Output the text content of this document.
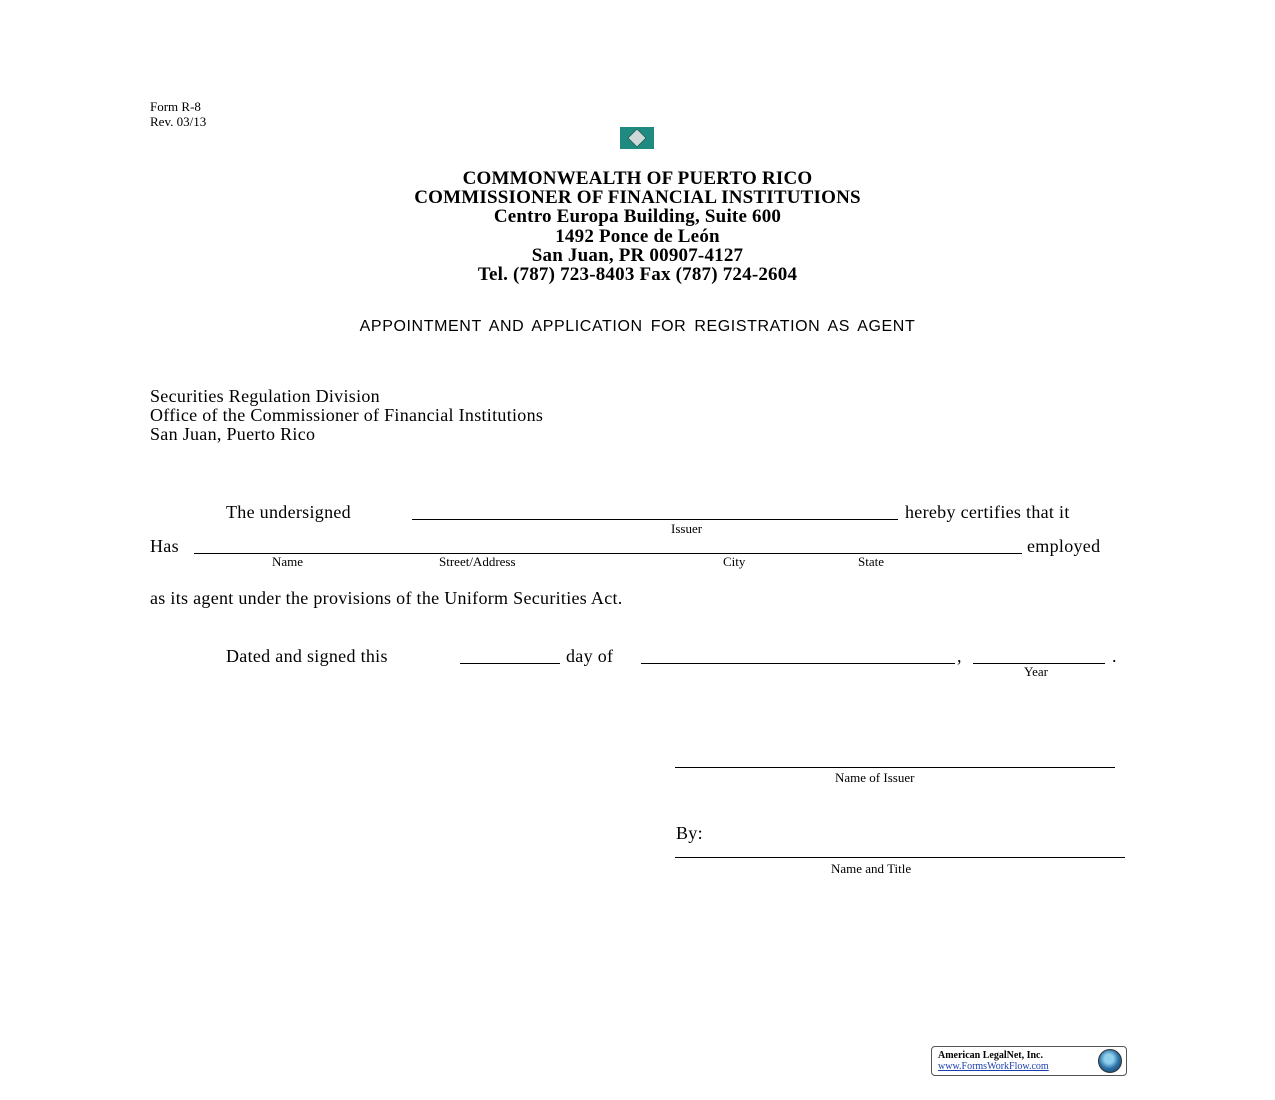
Form R-8
Rev. 03/13
COMMONWEALTH OF PUERTO RICO
COMMISSIONER OF FINANCIAL INSTITUTIONS
Centro Europa Building, Suite 600
1492 Ponce de León
San Juan, PR 00907-4127
Tel. (787) 723-8403 Fax (787) 724-2604
APPOINTMENT AND APPLICATION FOR REGISTRATION AS AGENT
Securities Regulation Division
Office of the Commissioner of Financial Institutions
San Juan, Puerto Rico
The undersigned	hereby certifies that it
Issuer
Has	employed
Name	Street/Address	City	State
as its agent under the provisions of the Uniform Securities Act.
Dated and signed this	day of	,	.
Year
Name of Issuer
By:
Name and Title
American LegalNet, Inc.
www.FormsWorkFlow.com
